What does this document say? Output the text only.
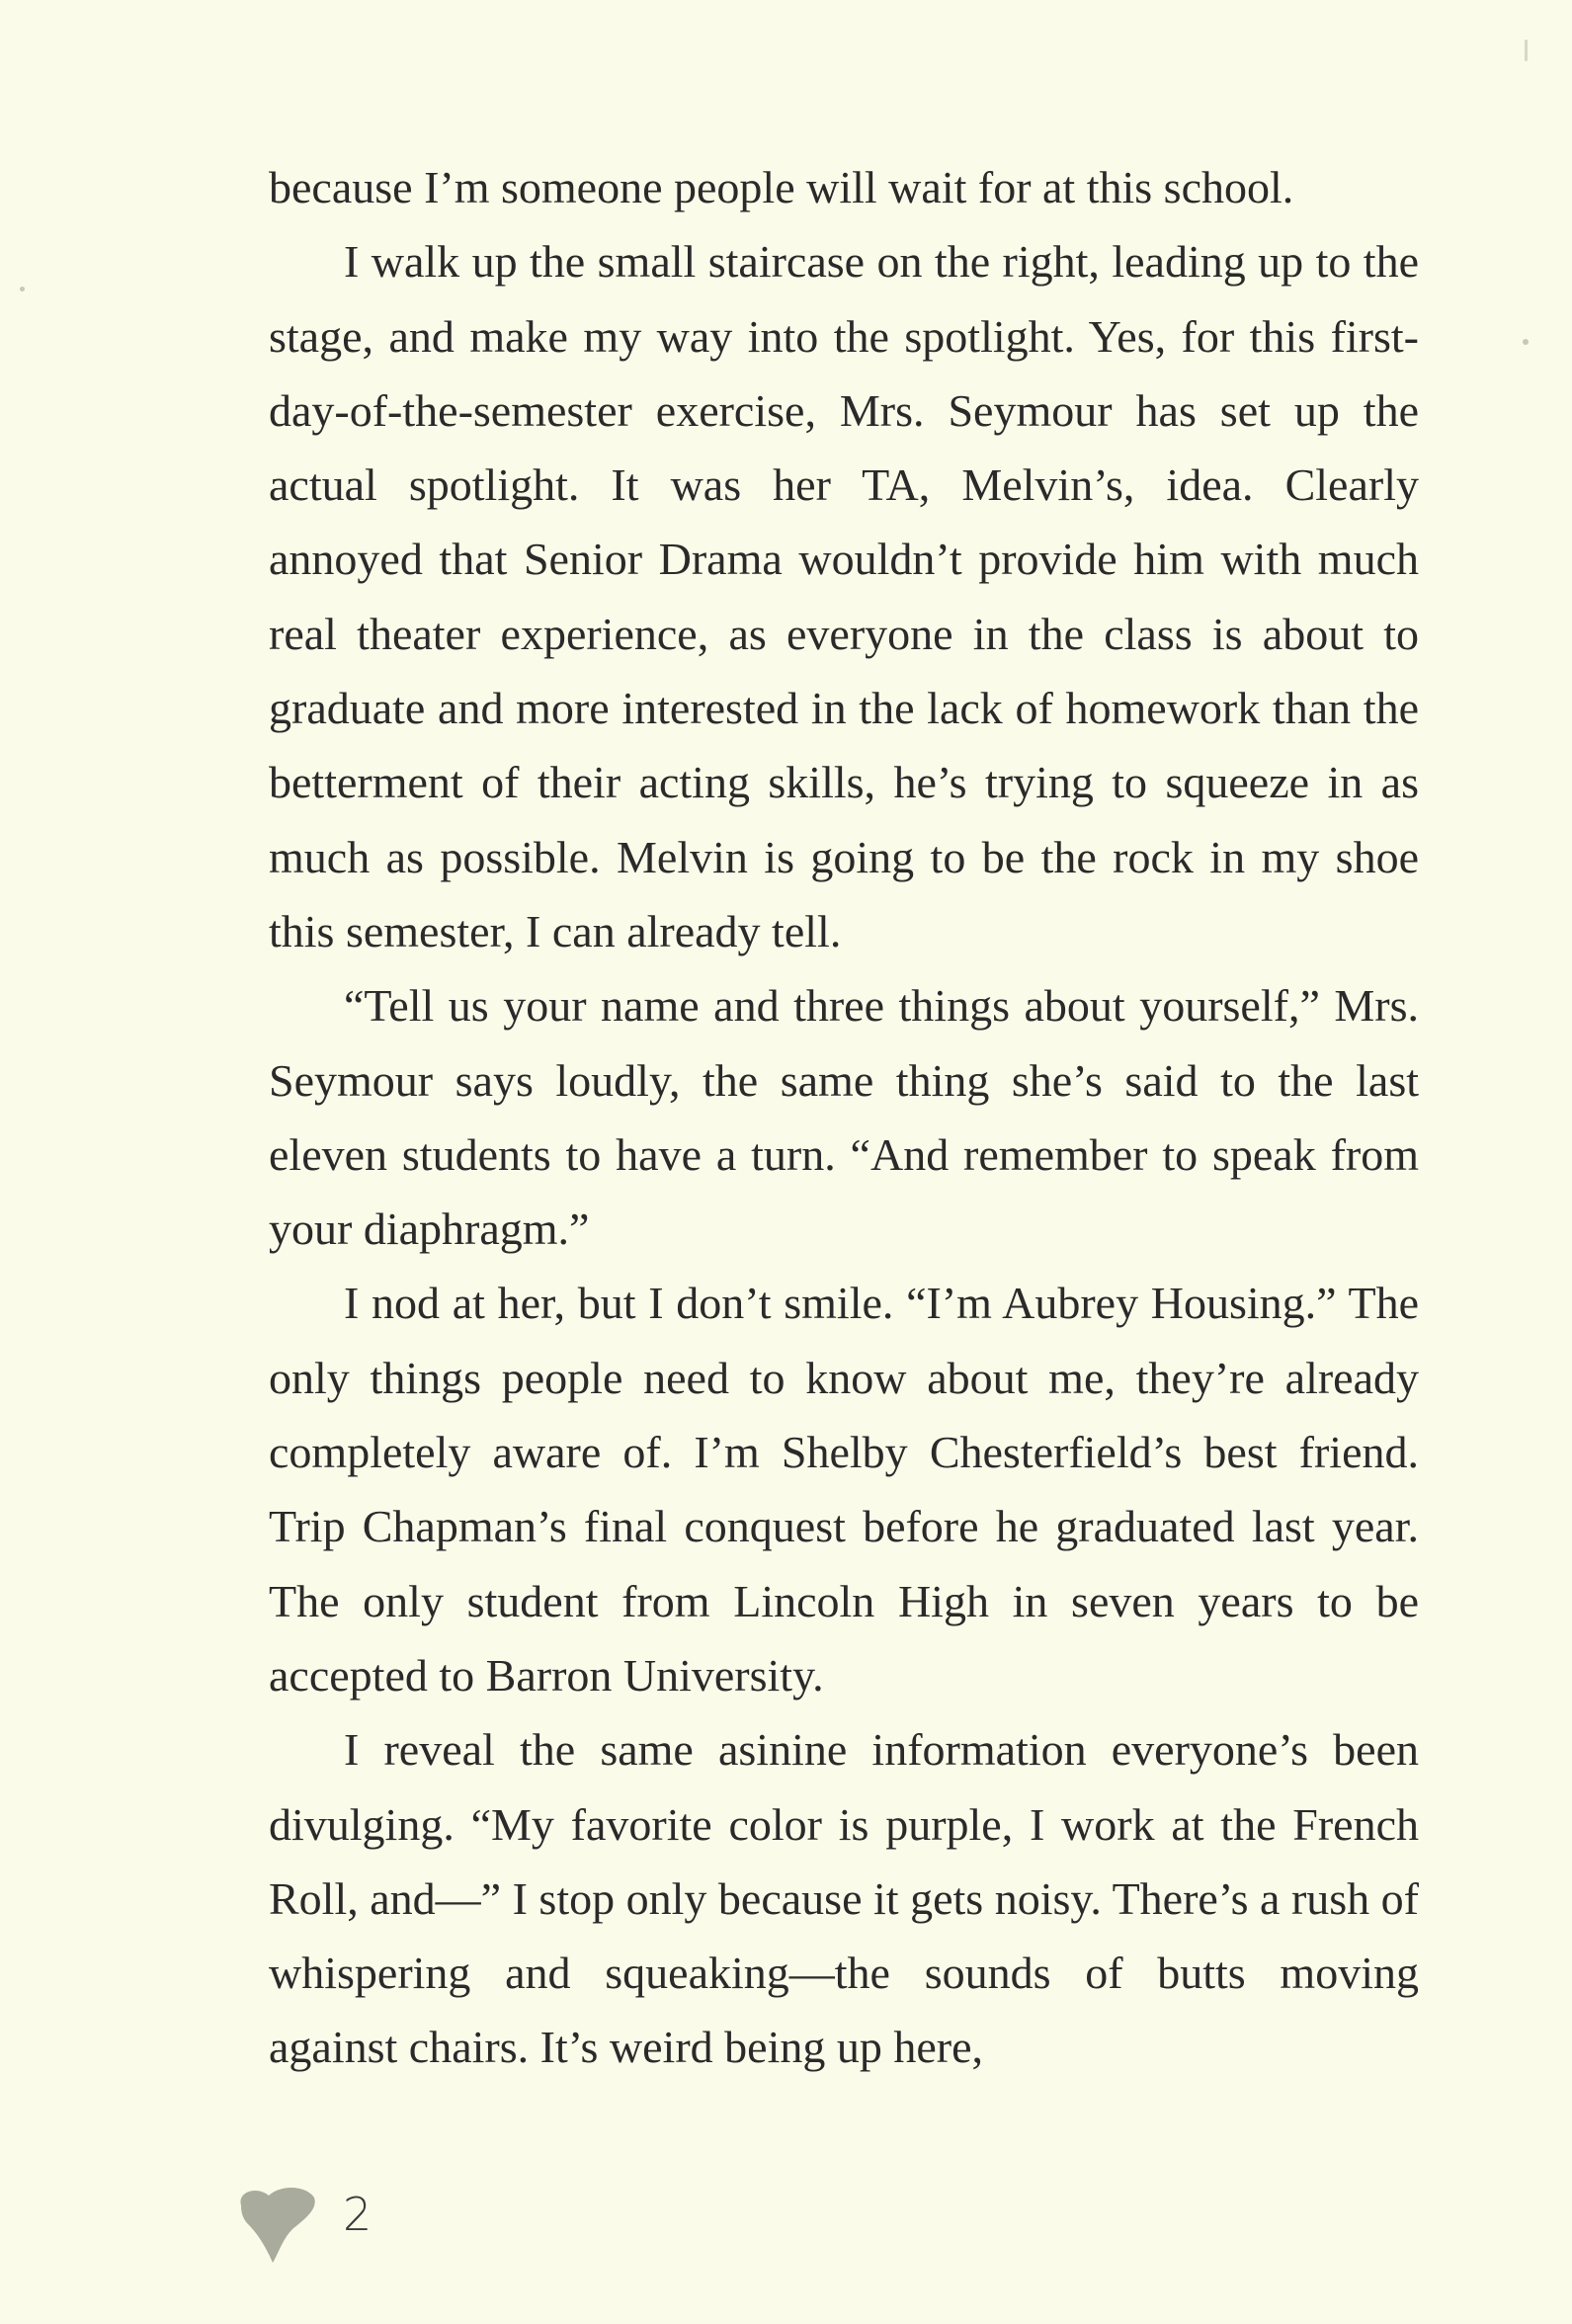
because I’m someone people will wait for at this school.

I walk up the small staircase on the right, leading up to the stage, and make my way into the spotlight. Yes, for this first-day-of-the-semester exercise, Mrs. Seymour has set up the actual spotlight. It was her TA, Melvin’s, idea. Clearly annoyed that Senior Drama wouldn’t provide him with much real theater experience, as everyone in the class is about to graduate and more interested in the lack of homework than the betterment of their acting skills, he’s trying to squeeze in as much as possible. Melvin is going to be the rock in my shoe this semester, I can already tell.

“Tell us your name and three things about yourself,” Mrs. Seymour says loudly, the same thing she’s said to the last eleven students to have a turn. “And remember to speak from your diaphragm.”

I nod at her, but I don’t smile. “I’m Aubrey Housing.” The only things people need to know about me, they’re already completely aware of. I’m Shelby Chesterfield’s best friend. Trip Chapman’s final conquest before he graduated last year. The only student from Lincoln High in seven years to be accepted to Barron University.

I reveal the same asinine information everyone’s been divulging. “My favorite color is purple, I work at the French Roll, and—” I stop only because it gets noisy. There’s a rush of whispering and squeaking—the sounds of butts moving against chairs. It’s weird being up here,

2
